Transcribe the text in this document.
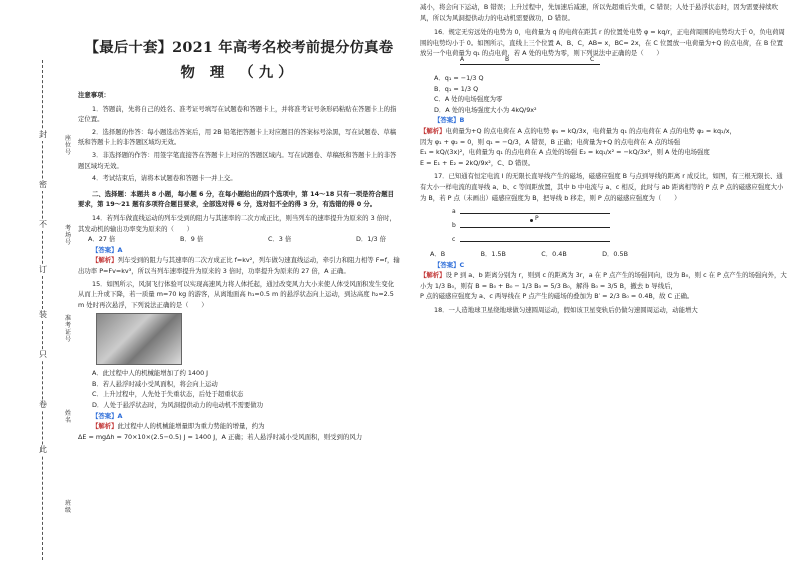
封
密
不
订
装
只
卷
此
座位号
考场号
准考证号
姓名
班级
【最后十套】2021 年高考名校考前提分仿真卷
物 理 （九）
注意事项：

1．答题前，先将自己的姓名、准考证号填写在试题卷和答题卡上，并将准考证号条形码粘贴在答题卡上的指定位置。

2．选择题的作答：每小题选出答案后，用 2B 铅笔把答题卡上对应题目的答案标号涂黑，写在试题卷、草稿纸和答题卡上的非答题区域均无效。

3．非选择题的作答：用签字笔直接答在答题卡上对应的答题区域内。写在试题卷、草稿纸和答题卡上的非答题区域均无效。

4．考试结束后，请将本试题卷和答题卡一并上交。

二、选择题：本题共 8 小题，每小题 6 分，在每小题给出的四个选项中，第 14～18 只有一项是符合题目要求，第 19～21 题有多项符合题目要求，全部选对得 6 分，选对但不全的得 3 分，有选错的得 0 分。

14．若列车做直线运动的列车受到的阻力与其速率的二次方成正比，则当列车的速率提升为原来的 3 倍时，其发动机的输出功率变为原来的（　　）

A．27 倍	B．9 倍	C．3 倍	D．1/3 倍

【答案】A

【解析】列车受到的阻力与其速率的二次方成正比 f=kv²，列车做匀速直线运动，牵引力和阻力相等 F=f，输出功率 P=Fv=kv³，所以当列车速率提升为原来的 3 倍时，功率提升为原来的 27 倍，A 正确。

15．如图所示，风洞飞行体验可以实现高速风力将人体托起，通过改变风力大小来使人体受风面积发生变化从而上升或下降，若一质量 m=70 kg 的游客，从离地面高 h₁=0.5 m 的悬浮状态向上运动，到达高度 h₂=2.5 m 处时再次悬浮，下列说法正确的是（　　）

A．此过程中人的机械能增加了约 1400 J

B．若人悬浮时减小受风面积，将会向上运动

C．上升过程中，人先处于失重状态，后处于超重状态

D．人处于悬浮状态时，为风洞提供动力的电动机不需要做功

【答案】A

【解析】此过程中人的机械能增量即为重力势能的增量，约为

ΔE = mgΔh = 70×10×(2.5−0.5) J = 1400 J，A 正确；若人悬浮时减小受风面积，则受到的风力

减小，将会向下运动，B 错误；上升过程中，先加速后减速，所以先超重后失重，C 错误；人处于悬浮状态时，因为需要持续吹风，所以为风洞提供动力的电动机需要做功，D 错误。

16．规定无穷远处的电势为 0，电荷量为 q 的电荷在距其 r 的位置处电势 φ = kq/r，正电荷周围的电势均大于 0，负电荷周围的电势均小于 0。如图所示，直线上三个位置 A、B、C，AB= x，BC= 2x，在 C 位置放一电荷量为+Q 的点电荷，在 B 位置放另一个电荷量为 q₁ 的点电荷，若 A 处的电势为零，则下列说法中正确的是（　　）

A	B	C

A．q₁ = −1/3 Q

B．q₁ = 1/3 Q

C．A 处的电场强度为零

D．A 处的电场强度大小为 4kQ/9x²

【答案】B

【解析】电荷量为+Q 的点电荷在 A 点的电势 φ₁ = kQ/3x，电荷量为 q₁ 的点电荷在 A 点的电势 φ₂ = kq₁/x，

因为 φ₁ + φ₂ = 0，则 q₁ = −Q/3，A 错误，B 正确；电荷量为+Q 的点电荷在 A 点的场强

E₁ = kQ/(3x)²，电荷量为 q₁ 的点电荷在 A 点处的场强 E₂ = kq₁/x² = −kQ/3x²，则 A 处的电场强度

E = E₁ + E₂ = 2kQ/9x²，C、D 错误。

17．已知通有恒定电流 I 的无限长直导线产生的磁场，磁感应强度 B 与点到导线的距离 r 成反比，如图，有三根无限长、通有大小一样电流的直导线 a、b、c 等间距放置，其中 b 中电流与 a、c 相反，此时与 ab 距离相等的 P 点 P 点的磁感应强度大小为 B，若 P 点（未画出）磁感应强度为 B，把导线 b 移走，则 P 点的磁感应强度为（　　）

a
b
c
P
A．B	B．1.5B	C．0.4B	D．0.5B

【答案】C

【解析】设 P 到 a、b 距离分别为 r，则到 c 的距离为 3r，a 在 P 点产生的场强同向，设为 B₀，则 c 在 P 点产生的场强向外，大小为 1/3 B₀，则有 B = B₀ + B₀ − 1/3 B₀ = 5/3 B₀，解得 B₀ = 3/5 B，撤去 b 导线后，

P 点的磁感应强度为 a、c 两导线在 P 点产生的磁场的叠加为 B′ = 2/3 B₀ = 0.4B，故 C 正确。

18．一人造地球卫星绕地球做匀速圆周运动，假如该卫星变轨后仍做匀速圆周运动，动能增大
